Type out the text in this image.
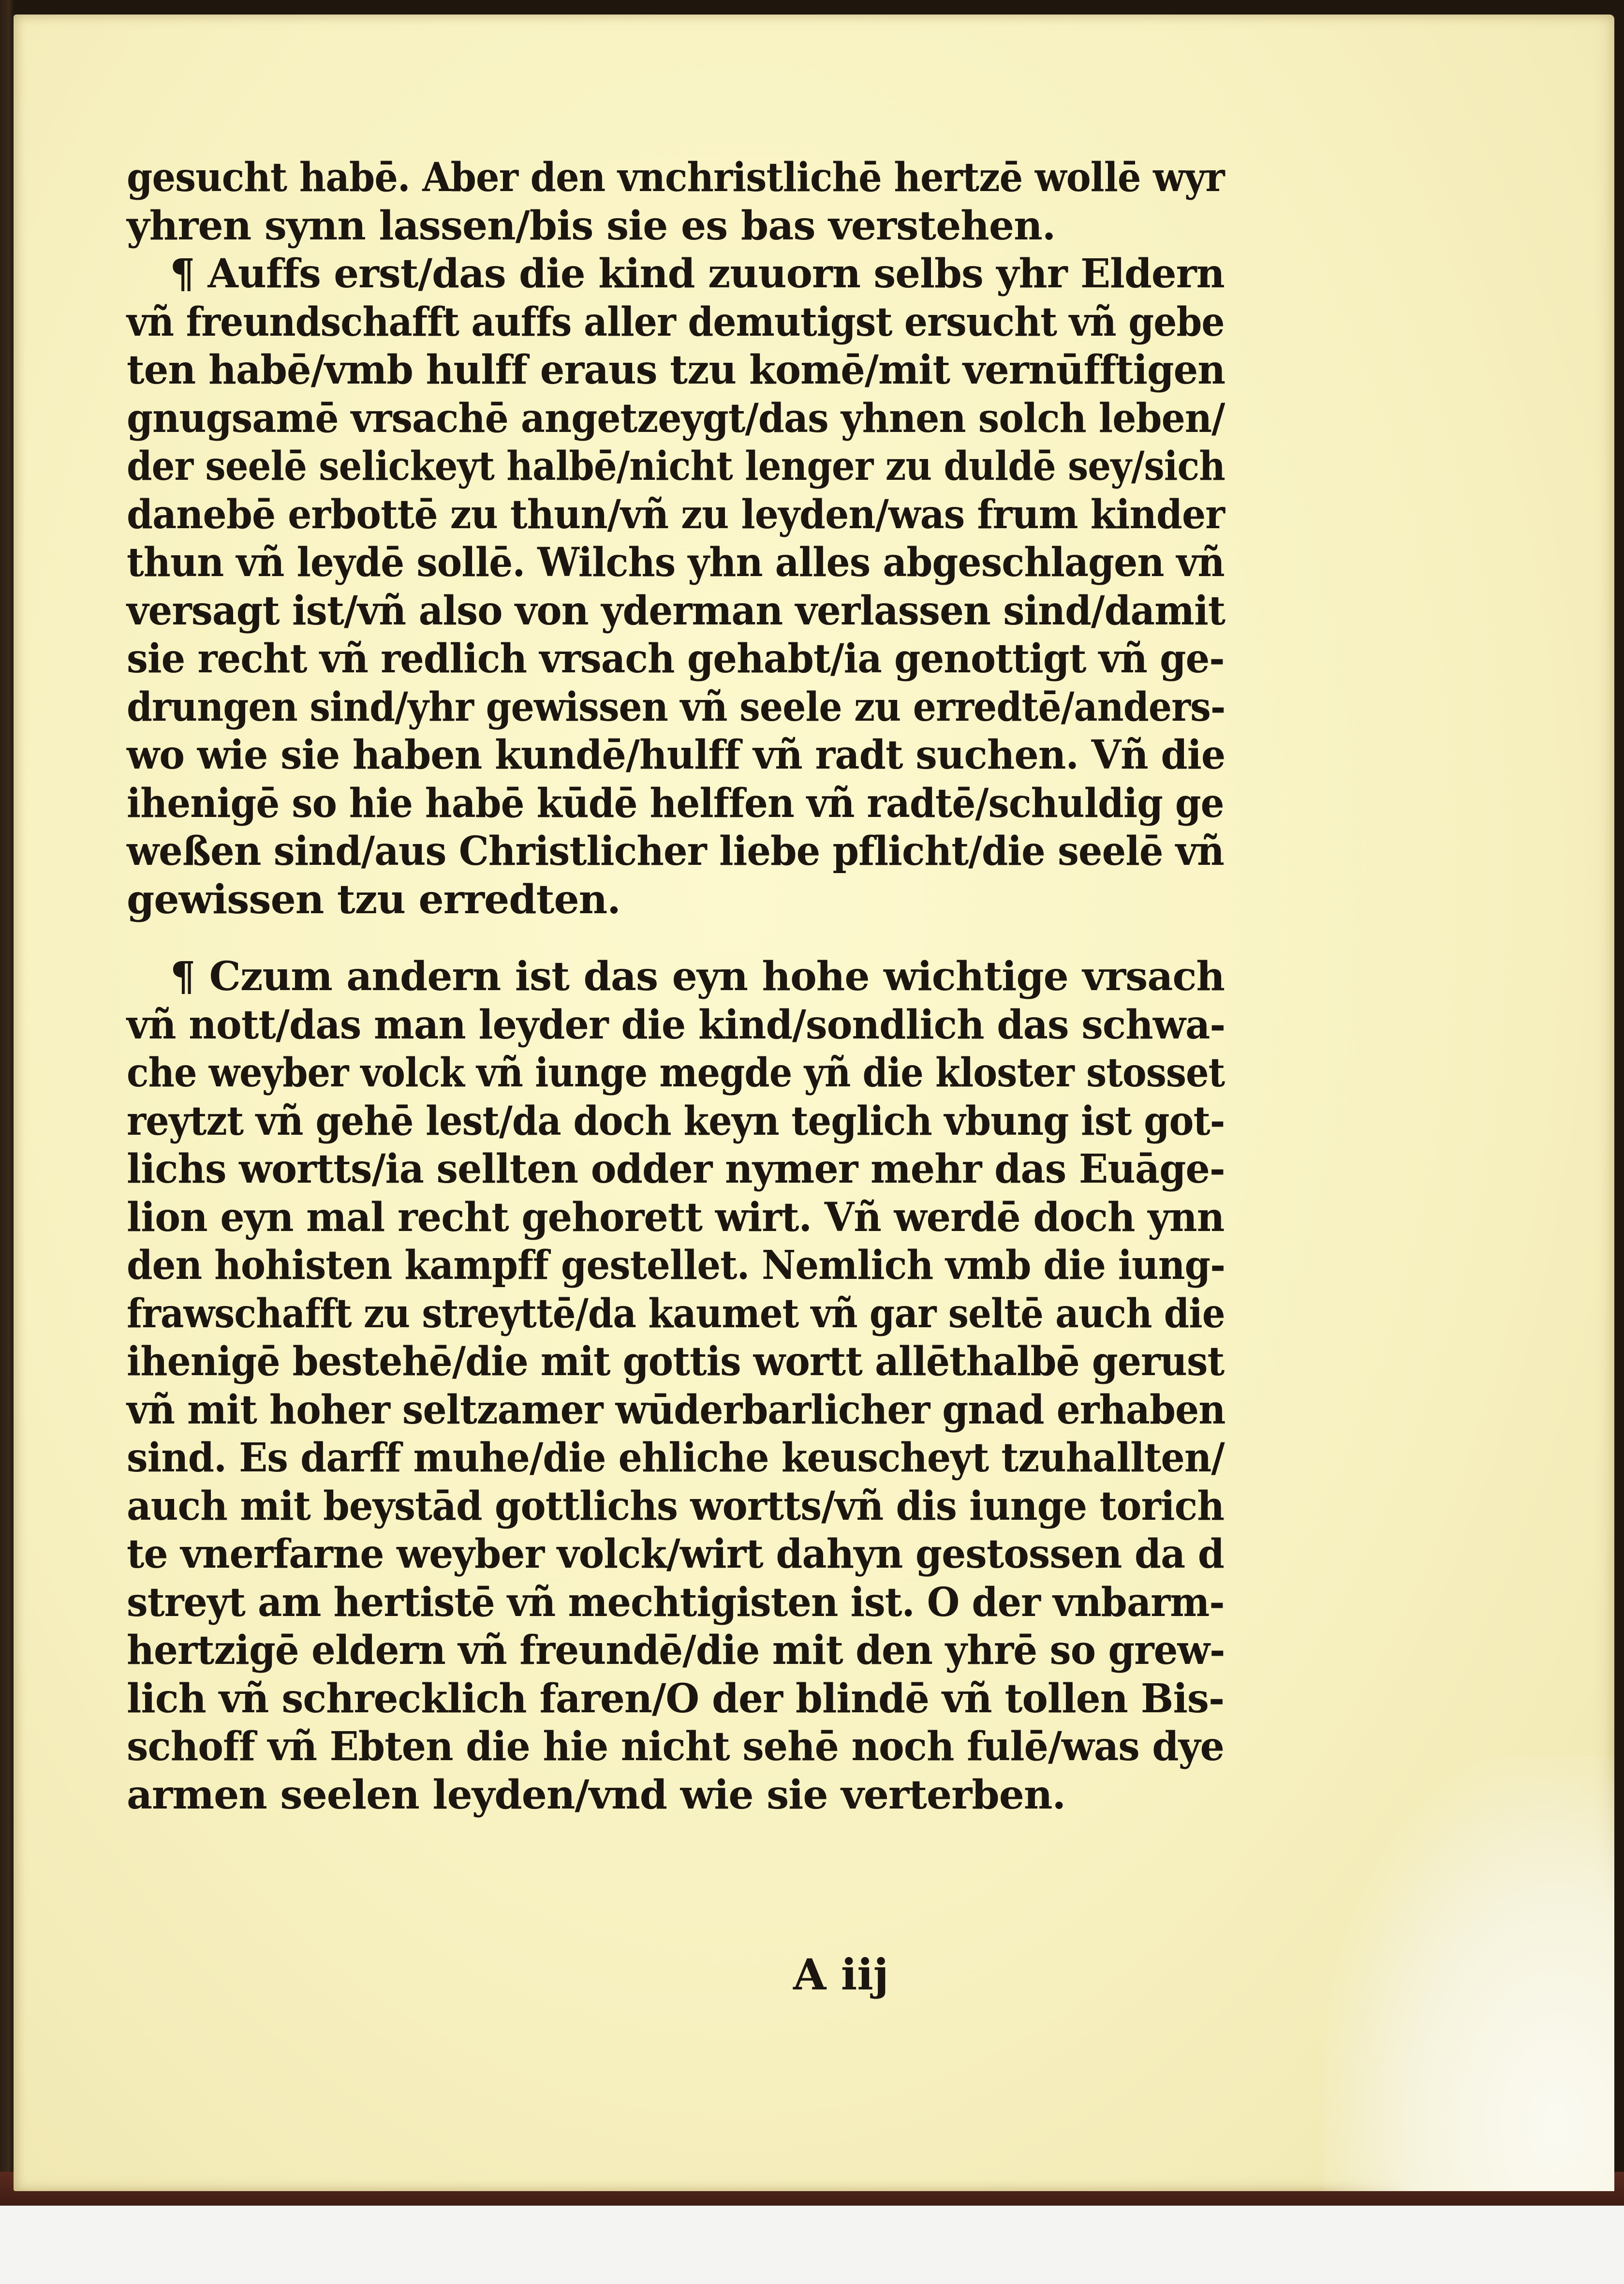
gesucht habē. Aber den vnchristlichē hertzē wollē wyr
yhren synn lassen/bis sie es bas verstehen.
¶ Auffs erst/das die kind zuuorn selbs yhr Eldern
vñ freundschafft auffs aller demutigst ersucht vñ gebe
ten habē/vmb hulff eraus tzu komē/mit vernūfftigen
gnugsamē vrsachē angetzeygt/das yhnen solch leben/
der seelē selickeyt halbē/nicht lenger zu duldē sey/sich
danebē erbottē zu thun/vñ zu leyden/was frum kinder
thun vñ leydē sollē. Wilchs yhn alles abgeschlagen vñ
versagt ist/vñ also von yderman verlassen sind/damit
sie recht vñ redlich vrsach gehabt/ia genottigt vñ ge-
drungen sind/yhr gewissen vñ seele zu erredtē/anders-
wo wie sie haben kundē/hulff vñ radt suchen. Vñ die
ihenigē so hie habē kūdē helffen vñ radtē/schuldig ge
weßen sind/aus Christlicher liebe pflicht/die seelē vñ
gewissen tzu erredten.
¶ Czum andern ist das eyn hohe wichtige vrsach
vñ nott/das man leyder die kind/sondlich das schwa-
che weyber volck vñ iunge megde yñ die kloster stosset
reytzt vñ gehē lest/da doch keyn teglich vbung ist got-
lichs wortts/ia sellten odder nymer mehr das Euāge-
lion eyn mal recht gehorett wirt. Vñ werdē doch ynn
den hohisten kampff gestellet. Nemlich vmb die iung-
frawschafft zu streyttē/da kaumet vñ gar seltē auch die
ihenigē bestehē/die mit gottis wortt allēthalbē gerust
vñ mit hoher seltzamer wūderbarlicher gnad erhaben
sind. Es darff muhe/die ehliche keuscheyt tzuhallten/
auch mit beystād gottlichs wortts/vñ dis iunge torich
te vnerfarne weyber volck/wirt dahyn gestossen da d
streyt am hertistē vñ mechtigisten ist. O der vnbarm-
hertzigē eldern vñ freundē/die mit den yhrē so grew-
lich vñ schrecklich faren/O der blindē vñ tollen Bis-
schoff vñ Ebten die hie nicht sehē noch fulē/was dye
armen seelen leyden/vnd wie sie verterben.
A iij
